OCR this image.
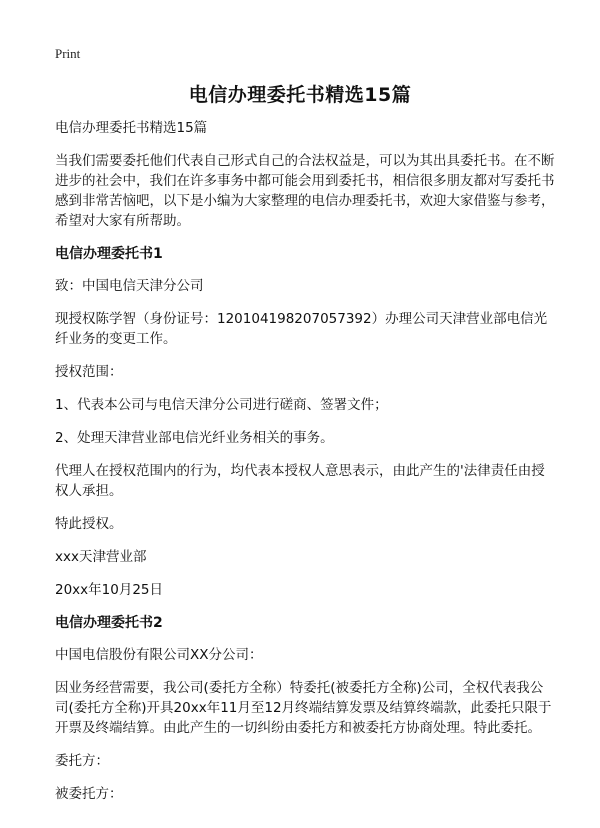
Print
电信办理委托书精选15篇

电信办理委托书精选15篇

当我们需要委托他们代表自己形式自己的合法权益是，可以为其出具委托书。在不断进步的社会中，我们在许多事务中都可能会用到委托书，相信很多朋友都对写委托书感到非常苦恼吧，以下是小编为大家整理的电信办理委托书，欢迎大家借鉴与参考，希望对大家有所帮助。

电信办理委托书1

致：中国电信天津分公司

现授权陈学智（身份证号：120104198207057392）办理公司天津营业部电信光纤业务的变更工作。

授权范围：

1、代表本公司与电信天津分公司进行磋商、签署文件；

2、处理天津营业部电信光纤业务相关的事务。

代理人在授权范围内的行为，均代表本授权人意思表示，由此产生的'法律责任由授权人承担。

特此授权。

xxx天津营业部

20xx年10月25日

电信办理委托书2

中国电信股份有限公司XX分公司：

因业务经营需要，我公司(委托方全称）特委托(被委托方全称)公司，全权代表我公司(委托方全称)开具20xx年11月至12月终端结算发票及结算终端款，此委托只限于开票及终端结算。由此产生的一切纠纷由委托方和被委托方协商处理。特此委托。

委托方：

被委托方：
